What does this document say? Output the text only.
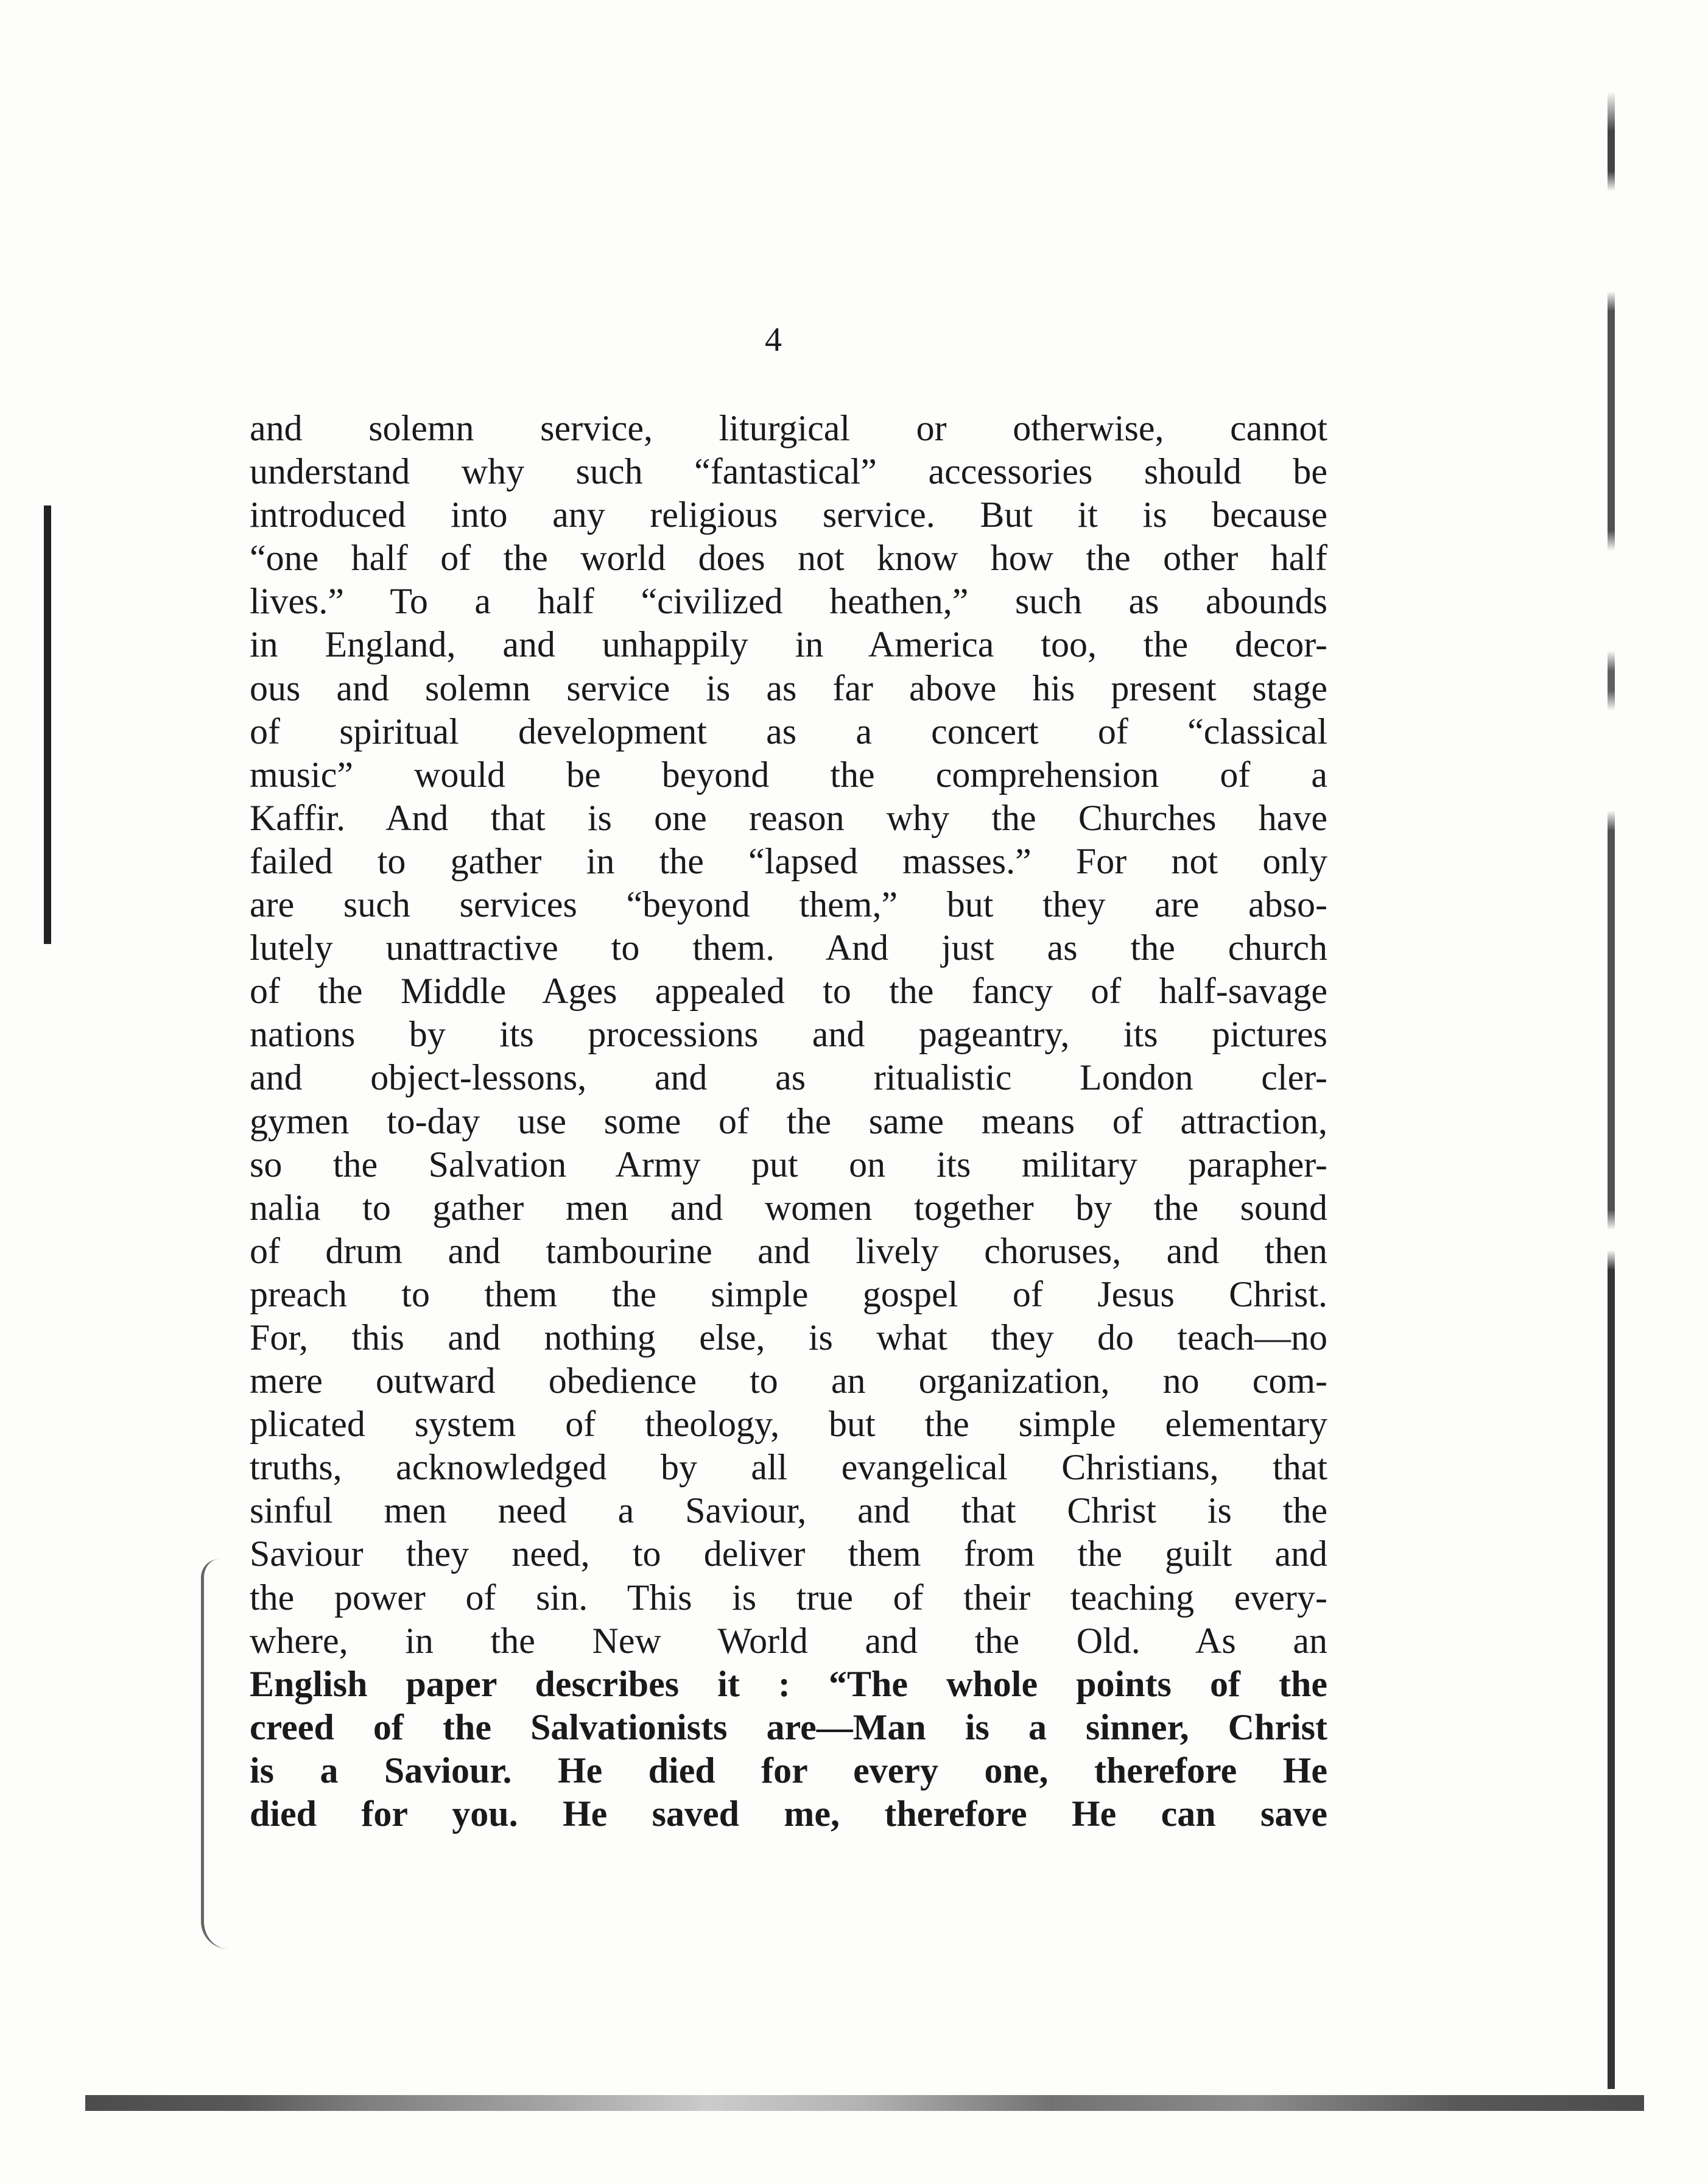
4
and solemn service, liturgical or otherwise, cannot
understand why such “fantastical” accessories should be
introduced into any religious service. But it is because
“one half of the world does not know how the other half
lives.” To a half “civilized heathen,” such as abounds
in England, and unhappily in America too, the decor-
ous and solemn service is as far above his present stage
of spiritual development as a concert of “classical
music” would be beyond the comprehension of a
Kaffir. And that is one reason why the Churches have
failed to gather in the “lapsed masses.” For not only
are such services “beyond them,” but they are abso-
lutely unattractive to them. And just as the church
of the Middle Ages appealed to the fancy of half-savage
nations by its processions and pageantry, its pictures
and object-lessons, and as ritualistic London cler-
gymen to-day use some of the same means of attraction,
so the Salvation Army put on its military parapher-
nalia to gather men and women together by the sound
of drum and tambourine and lively choruses, and then
preach to them the simple gospel of Jesus Christ.
For, this and nothing else, is what they do teach—no
mere outward obedience to an organization, no com-
plicated system of theology, but the simple elementary
truths, acknowledged by all evangelical Christians, that
sinful men need a Saviour, and that Christ is the
Saviour they need, to deliver them from the guilt and
the power of sin. This is true of their teaching every-
where, in the New World and the Old. As an
English paper describes it : “The whole points of the
creed of the Salvationists are—Man is a sinner, Christ
is a Saviour. He died for every one, therefore He
died for you. He saved me, therefore He can save
